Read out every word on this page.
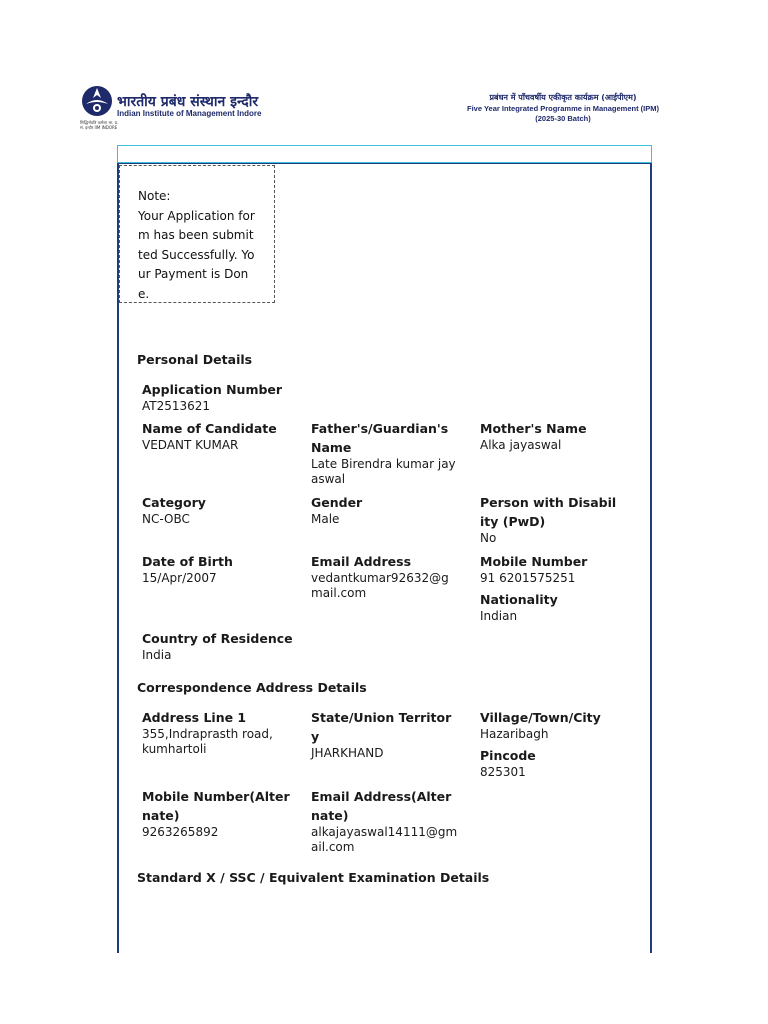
सिद्धिर्भवति कर्मजा भा. प्र. सं. इन्दौर IIM INDORE
भारतीय प्रबंध संस्थान इन्दौर
Indian Institute of Management Indore
प्रबंधन में पाँचवर्षीय एकीकृत कार्यक्रम (आईपीएम)
Five Year Integrated Programme in Management (IPM)
(2025-30 Batch)
Note:
Your Application form has been submitted Successfully. Your Payment is Done.
Personal Details
Application Number
AT2513621
Name of Candidate
VEDANT KUMAR
Father's/Guardian's Name
Late Birendra kumar jayaswal
Mother's Name
Alka jayaswal
Category
NC-OBC
Gender
Male
Person with Disability (PwD)
No
Date of Birth
15/Apr/2007
Email Address
vedantkumar92632@gmail.com
Mobile Number
91 6201575251
Nationality
Indian
Country of Residence
India
Correspondence Address Details
Address Line 1
355,Indraprasth road, kumhartoli
State/Union Territory
JHARKHAND
Village/Town/City
Hazaribagh
Pincode
825301
Mobile Number(Alternate)
9263265892
Email Address(Alternate)
alkajayaswal14111@gmail.com
Standard X / SSC / Equivalent Examination Details
